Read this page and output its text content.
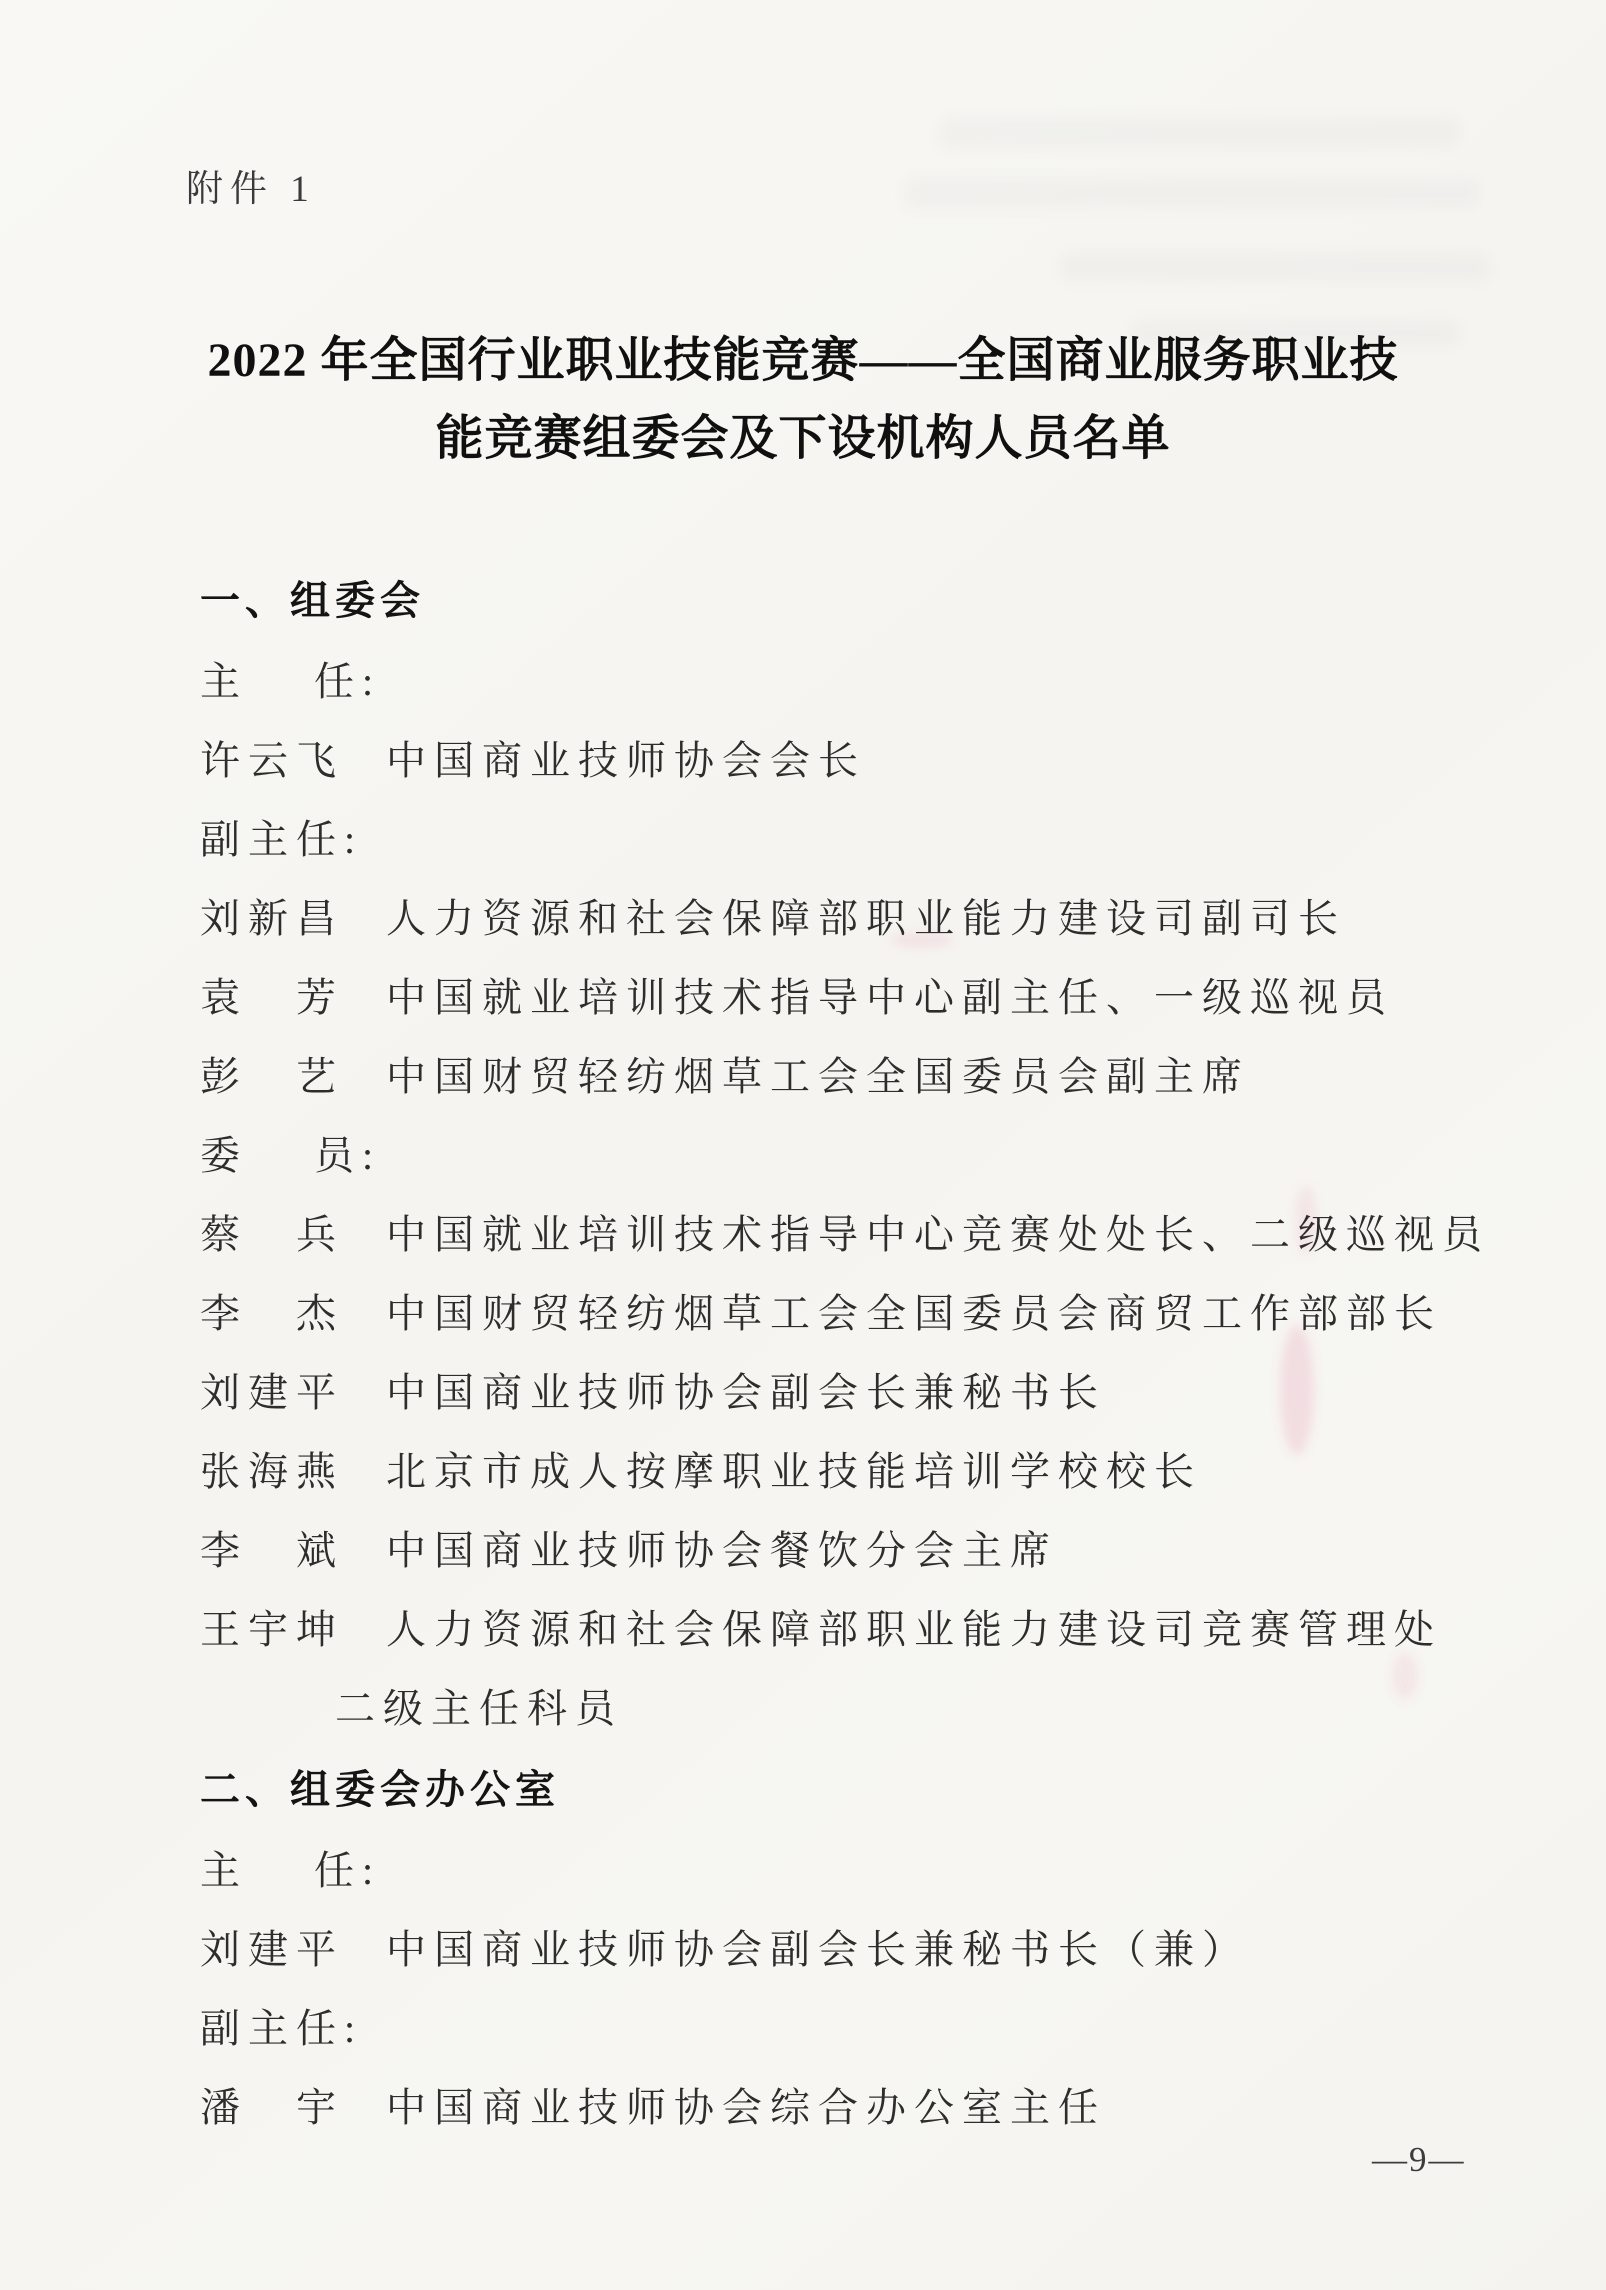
附件 1
2022 年全国行业职业技能竞赛——全国商业服务职业技
能竞赛组委会及下设机构人员名单
一、组委会
主　 任:
许云飞 中国商业技师协会会长
副主任:
刘新昌 人力资源和社会保障部职业能力建设司副司长
袁　芳 中国就业培训技术指导中心副主任、一级巡视员
彭　艺 中国财贸轻纺烟草工会全国委员会副主席
委　 员:
蔡　兵 中国就业培训技术指导中心竞赛处处长、二级巡视员
李　杰 中国财贸轻纺烟草工会全国委员会商贸工作部部长
刘建平 中国商业技师协会副会长兼秘书长
张海燕 北京市成人按摩职业技能培训学校校长
李　斌 中国商业技师协会餐饮分会主席
王宇坤 人力资源和社会保障部职业能力建设司竞赛管理处
二级主任科员
二、组委会办公室
主　 任:
刘建平 中国商业技师协会副会长兼秘书长（兼）
副主任:
潘　宇 中国商业技师协会综合办公室主任
—9—
